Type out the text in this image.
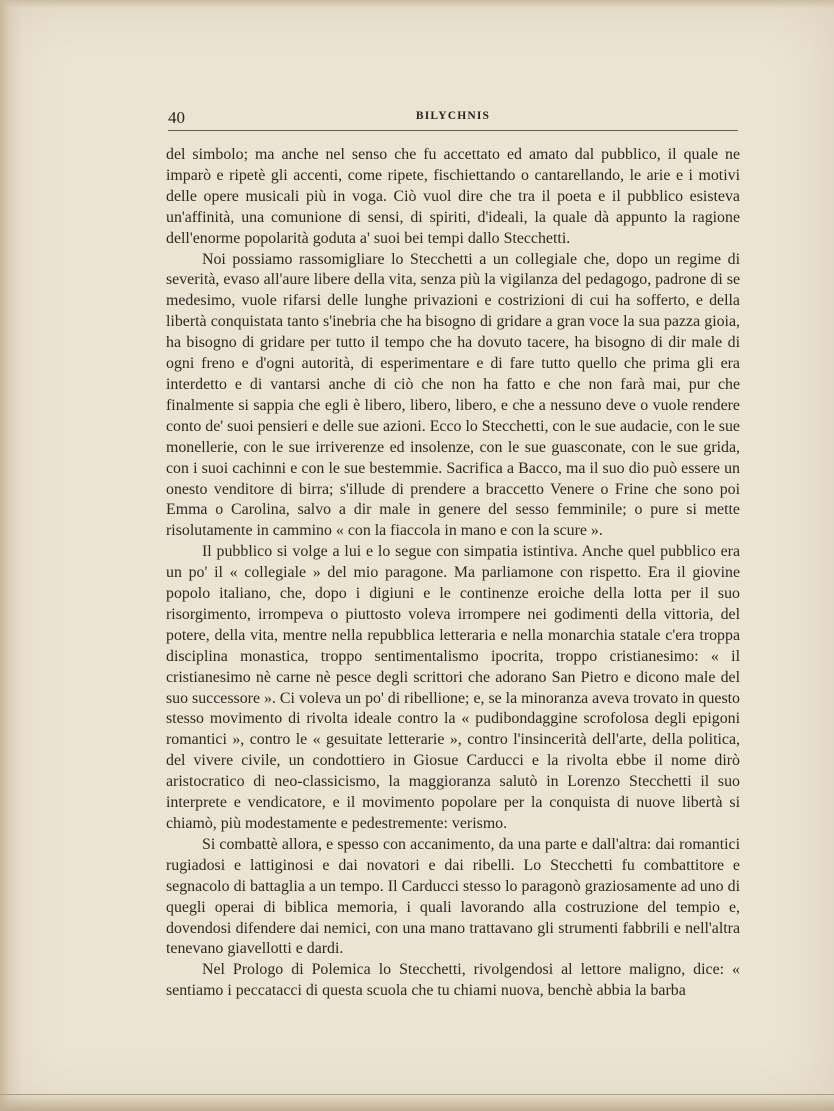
40	BILYCHNIS

del simbolo; ma anche nel senso che fu accettato ed amato dal pubblico, il quale ne imparò e ripetè gli accenti, come ripete, fischiettando o cantarellando, le arie e i motivi delle opere musicali più in voga. Ciò vuol dire che tra il poeta e il pubblico esisteva un'affinità, una comunione di sensi, di spiriti, d'ideali, la quale dà appunto la ragione dell'enorme popolarità goduta a' suoi bei tempi dallo Stecchetti.

Noi possiamo rassomigliare lo Stecchetti a un collegiale che, dopo un regime di severità, evaso all'aure libere della vita, senza più la vigilanza del pedagogo, padrone di se medesimo, vuole rifarsi delle lunghe privazioni e costrizioni di cui ha sofferto, e della libertà conquistata tanto s'inebria che ha bisogno di gridare a gran voce la sua pazza gioia, ha bisogno di gridare per tutto il tempo che ha dovuto tacere, ha bisogno di dir male di ogni freno e d'ogni autorità, di esperimentare e di fare tutto quello che prima gli era interdetto e di vantarsi anche di ciò che non ha fatto e che non farà mai, pur che finalmente si sappia che egli è libero, libero, libero, e che a nessuno deve o vuole rendere conto de' suoi pensieri e delle sue azioni. Ecco lo Stecchetti, con le sue audacie, con le sue monellerie, con le sue irriverenze ed insolenze, con le sue guasconate, con le sue grida, con i suoi cachinni e con le sue bestemmie. Sacrifica a Bacco, ma il suo dio può essere un onesto venditore di birra; s'illude di prendere a braccetto Venere o Frine che sono poi Emma o Carolina, salvo a dir male in genere del sesso femminile; o pure si mette risolutamente in cammino « con la fiaccola in mano e con la scure ».

Il pubblico si volge a lui e lo segue con simpatia istintiva. Anche quel pubblico era un po' il « collegiale » del mio paragone. Ma parliamone con rispetto. Era il giovine popolo italiano, che, dopo i digiuni e le continenze eroiche della lotta per il suo risorgimento, irrompeva o piuttosto voleva irrompere nei godimenti della vittoria, del potere, della vita, mentre nella repubblica letteraria e nella monarchia statale c'era troppa disciplina monastica, troppo sentimentalismo ipocrita, troppo cristianesimo: « il cristianesimo nè carne nè pesce degli scrittori che adorano San Pietro e dicono male del suo successore ». Ci voleva un po' di ribellione; e, se la minoranza aveva trovato in questo stesso movimento di rivolta ideale contro la « pudibondaggine scrofolosa degli epigoni romantici », contro le « gesuitate letterarie », contro l'insincerità dell'arte, della politica, del vivere civile, un condottiero in Giosue Carducci e la rivolta ebbe il nome dirò aristocratico di neo-classicismo, la maggioranza salutò in Lorenzo Stecchetti il suo interprete e vendicatore, e il movimento popolare per la conquista di nuove libertà si chiamò, più modestamente e pedestremente: verismo.

Si combattè allora, e spesso con accanimento, da una parte e dall'altra: dai romantici rugiadosi e lattiginosi e dai novatori e dai ribelli. Lo Stecchetti fu combattitore e segnacolo di battaglia a un tempo. Il Carducci stesso lo paragonò graziosamente ad uno di quegli operai di biblica memoria, i quali lavorando alla costruzione del tempio e, dovendosi difendere dai nemici, con una mano trattavano gli strumenti fabbrili e nell'altra tenevano giavellotti e dardi.

Nel Prologo di Polemica lo Stecchetti, rivolgendosi al lettore maligno, dice: « sentiamo i peccatacci di questa scuola che tu chiami nuova, benchè abbia la barba
